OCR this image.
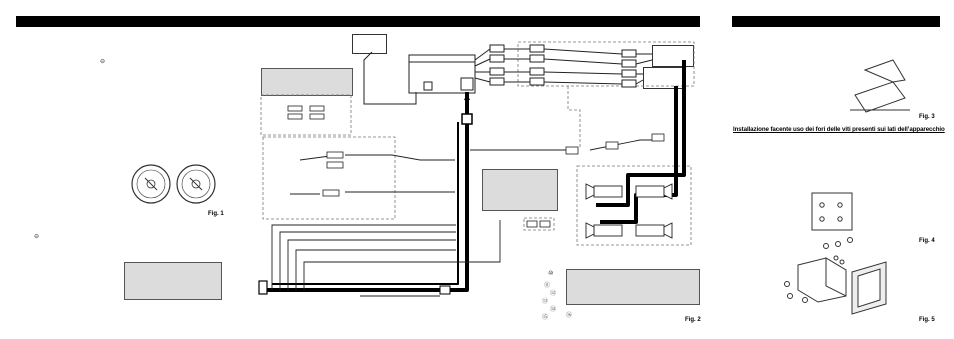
⊖
⊖
Fig. 1
Fig. 2
Fig. 3
Fig. 4
Fig. 5
Installazione facente uso dei fori delle viti presenti sui lati dell’apparecchio
⑩
⑪
⑫
⑬
⑭
⑮	⑯
